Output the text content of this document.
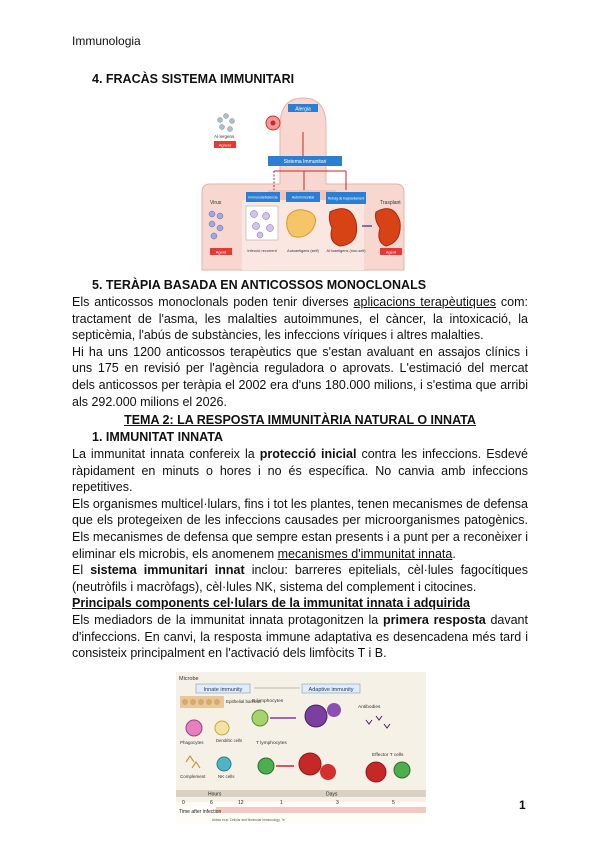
Immunologia
4. FRACÀS SISTEMA IMMUNITARI
Alergia
Sistema Immunitari
Immunodeficiència	Autoimmunitat	Rebuig de trasplantament
Al·lergens
Agress
Virus
Agent	Infecció recurrent	Autoantigens (self) Al·loantigens (non-self)
Trasplant
Agent
5. TERÀPIA BASADA EN ANTICOSSOS MONOCLONALS

Els anticossos monoclonals poden tenir diverses aplicacions terapèutiques com: tractament de l'asma, les malalties autoimmunes, el càncer, la intoxicació, la septicèmia, l'abús de substàncies, les infeccions víriques i altres malalties.

Hi ha uns 1200 anticossos terapèutics que s'estan avaluant en assajos clínics i uns 175 en revisió per l'agència reguladora o aprovats. L'estimació del mercat dels anticossos per teràpia el 2002 era d'uns 180.000 milions, i s'estima que arribi als 292.000 milions el 2026.

TEMA 2: LA RESPOSTA IMMUNITÀRIA NATURAL O INNATA
1. IMMUNITAT INNATA

La immunitat innata confereix la protecció inicial contra les infeccions. Esdevé ràpidament en minuts o hores i no és específica. No canvia amb infeccions repetitives.

Els organismes multicel·lulars, fins i tot les plantes, tenen mecanismes de defensa que els protegeixen de les infeccions causades per microorganismes patogènics. Els mecanismes de defensa que sempre estan presents i a punt per a reconèixer i eliminar els microbis, els anomenem mecanismes d'immunitat innata.

El sistema immunitari innat inclou: barreres epitelials, cèl·lules fagocítiques (neutròfils i macròfags), cèl·lules NK, sistema del complement i citocines.

Principals components cel·lulars de la immunitat innata i adquirida

Els mediadors de la immunitat innata protagonitzen la primera resposta davant d'infeccions. En canvi, la resposta immune adaptativa es desencadena més tard i consisteix principalment en l'activació dels limfòcits T i B.

Microbe
Innate immunity	Adaptive immunity
Epithelial barriers
Phagocytes	Dendritic cells
Complement	NK cells
B lymphocytes
Antibodies
T lymphocytes
Effector T cells
Hours	Days
0	6	12	1	3	5
Time after infection
Abbas et al: Cellular and Molecular Immunology, 7e
1
